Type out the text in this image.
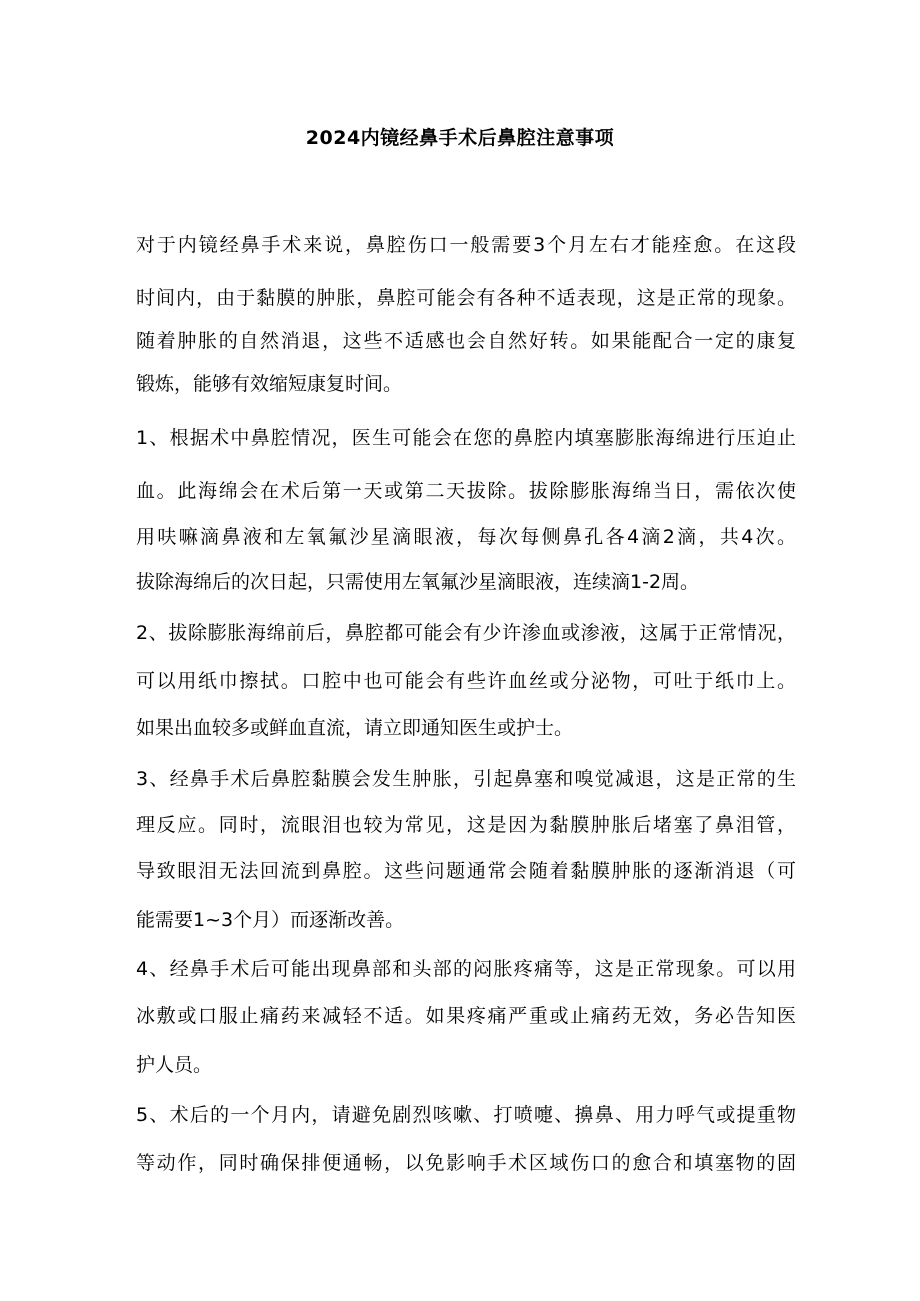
2024内镜经鼻手术后鼻腔注意事项
对于内镜经鼻手术来说，鼻腔伤口一般需要3个月左右才能痊愈。在这段
时间内，由于黏膜的肿胀，鼻腔可能会有各种不适表现，这是正常的现象。
随着肿胀的自然消退，这些不适感也会自然好转。如果能配合一定的康复
锻炼，能够有效缩短康复时间。
1、根据术中鼻腔情况，医生可能会在您的鼻腔内填塞膨胀海绵进行压迫止
血。此海绵会在术后第一天或第二天拔除。拔除膨胀海绵当日，需依次使
用呋嘛滴鼻液和左氧氟沙星滴眼液，每次每侧鼻孔各4滴2滴，共4次。
拔除海绵后的次日起，只需使用左氧氟沙星滴眼液，连续滴1-2周。
2、拔除膨胀海绵前后，鼻腔都可能会有少许渗血或渗液，这属于正常情况，
可以用纸巾擦拭。口腔中也可能会有些许血丝或分泌物，可吐于纸巾上。
如果出血较多或鲜血直流，请立即通知医生或护士。
3、经鼻手术后鼻腔黏膜会发生肿胀，引起鼻塞和嗅觉减退，这是正常的生
理反应。同时，流眼泪也较为常见，这是因为黏膜肿胀后堵塞了鼻泪管，
导致眼泪无法回流到鼻腔。这些问题通常会随着黏膜肿胀的逐渐消退（可
能需要1~3个月）而逐渐改善。
4、经鼻手术后可能出现鼻部和头部的闷胀疼痛等，这是正常现象。可以用
冰敷或口服止痛药来减轻不适。如果疼痛严重或止痛药无效，务必告知医
护人员。
5、术后的一个月内，请避免剧烈咳嗽、打喷嚏、擤鼻、用力呼气或提重物
等动作，同时确保排便通畅，以免影响手术区域伤口的愈合和填塞物的固
